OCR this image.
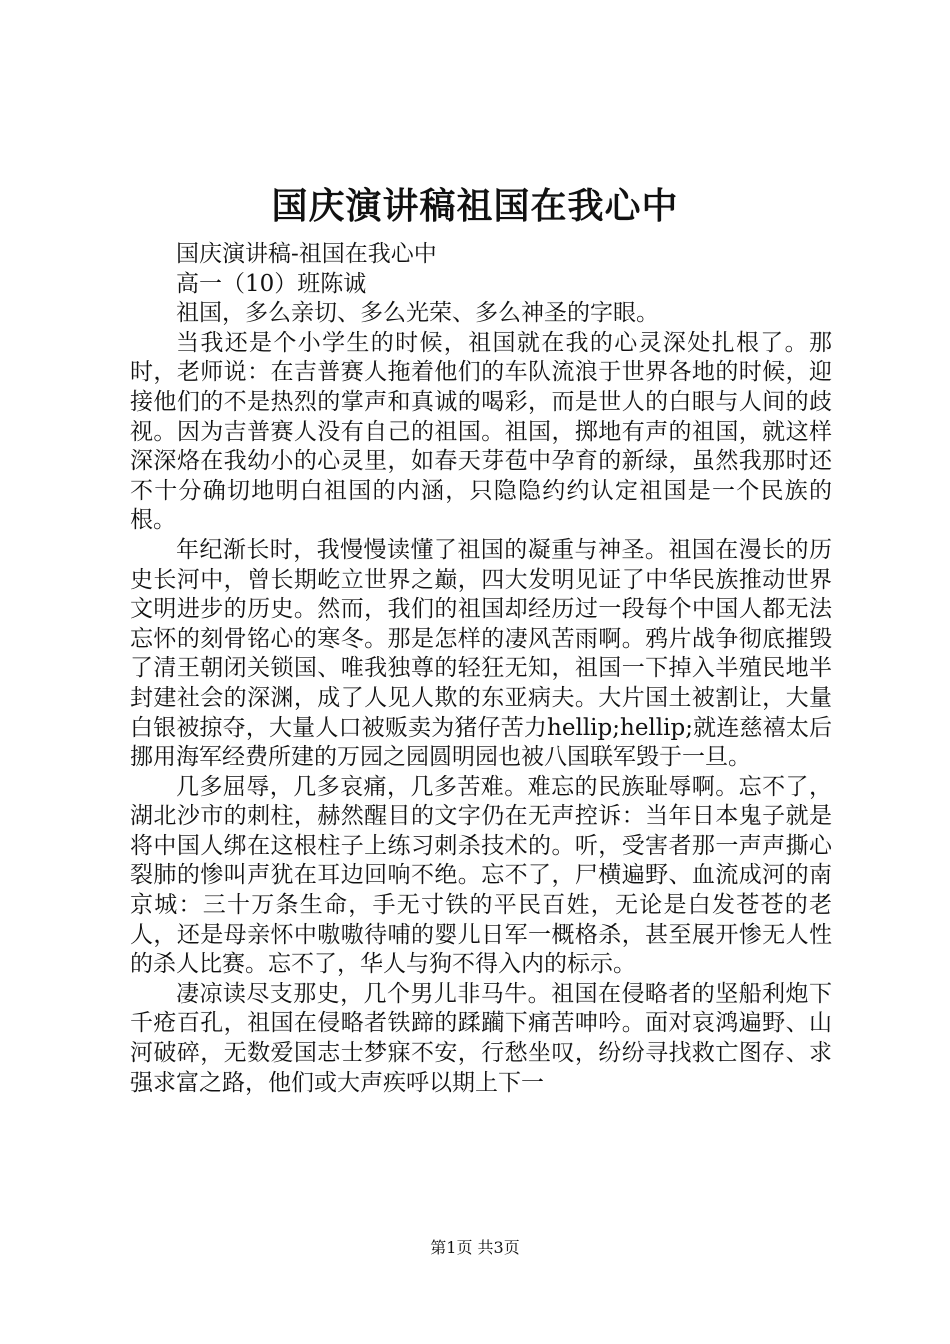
国庆演讲稿祖国在我心中

国庆演讲稿-祖国在我心中

高一（10）班陈诚

祖国，多么亲切、多么光荣、多么神圣的字眼。

当我还是个小学生的时候，祖国就在我的心灵深处扎根了。那时，老师说：在吉普赛人拖着他们的车队流浪于世界各地的时候，迎接他们的不是热烈的掌声和真诚的喝彩，而是世人的白眼与人间的歧视。因为吉普赛人没有自己的祖国。祖国，掷地有声的祖国，就这样深深烙在我幼小的心灵里，如春天芽苞中孕育的新绿，虽然我那时还不十分确切地明白祖国的内涵，只隐隐约约认定祖国是一个民族的根。

年纪渐长时，我慢慢读懂了祖国的凝重与神圣。祖国在漫长的历史长河中，曾长期屹立世界之巅，四大发明见证了中华民族推动世界文明进步的历史。然而，我们的祖国却经历过一段每个中国人都无法忘怀的刻骨铭心的寒冬。那是怎样的凄风苦雨啊。鸦片战争彻底摧毁了清王朝闭关锁国、唯我独尊的轻狂无知，祖国一下掉入半殖民地半封建社会的深渊，成了人见人欺的东亚病夫。大片国土被割让，大量白银被掠夺，大量人口被贩卖为猪仔苦力hellip;hellip;就连慈禧太后挪用海军经费所建的万园之园圆明园也被八国联军毁于一旦。

几多屈辱，几多哀痛，几多苦难。难忘的民族耻辱啊。忘不了，湖北沙市的刺柱，赫然醒目的文字仍在无声控诉：当年日本鬼子就是将中国人绑在这根柱子上练习刺杀技术的。听，受害者那一声声撕心裂肺的惨叫声犹在耳边回响不绝。忘不了，尸横遍野、血流成河的南京城：三十万条生命，手无寸铁的平民百姓，无论是白发苍苍的老人，还是母亲怀中嗷嗷待哺的婴儿日军一概格杀，甚至展开惨无人性的杀人比赛。忘不了，华人与狗不得入内的标示。

凄凉读尽支那史，几个男儿非马牛。祖国在侵略者的坚船利炮下千疮百孔，祖国在侵略者铁蹄的蹂躏下痛苦呻吟。面对哀鸿遍野、山河破碎，无数爱国志士梦寐不安，行愁坐叹，纷纷寻找救亡图存、求强求富之路，他们或大声疾呼以期上下一

第1页 共3页
